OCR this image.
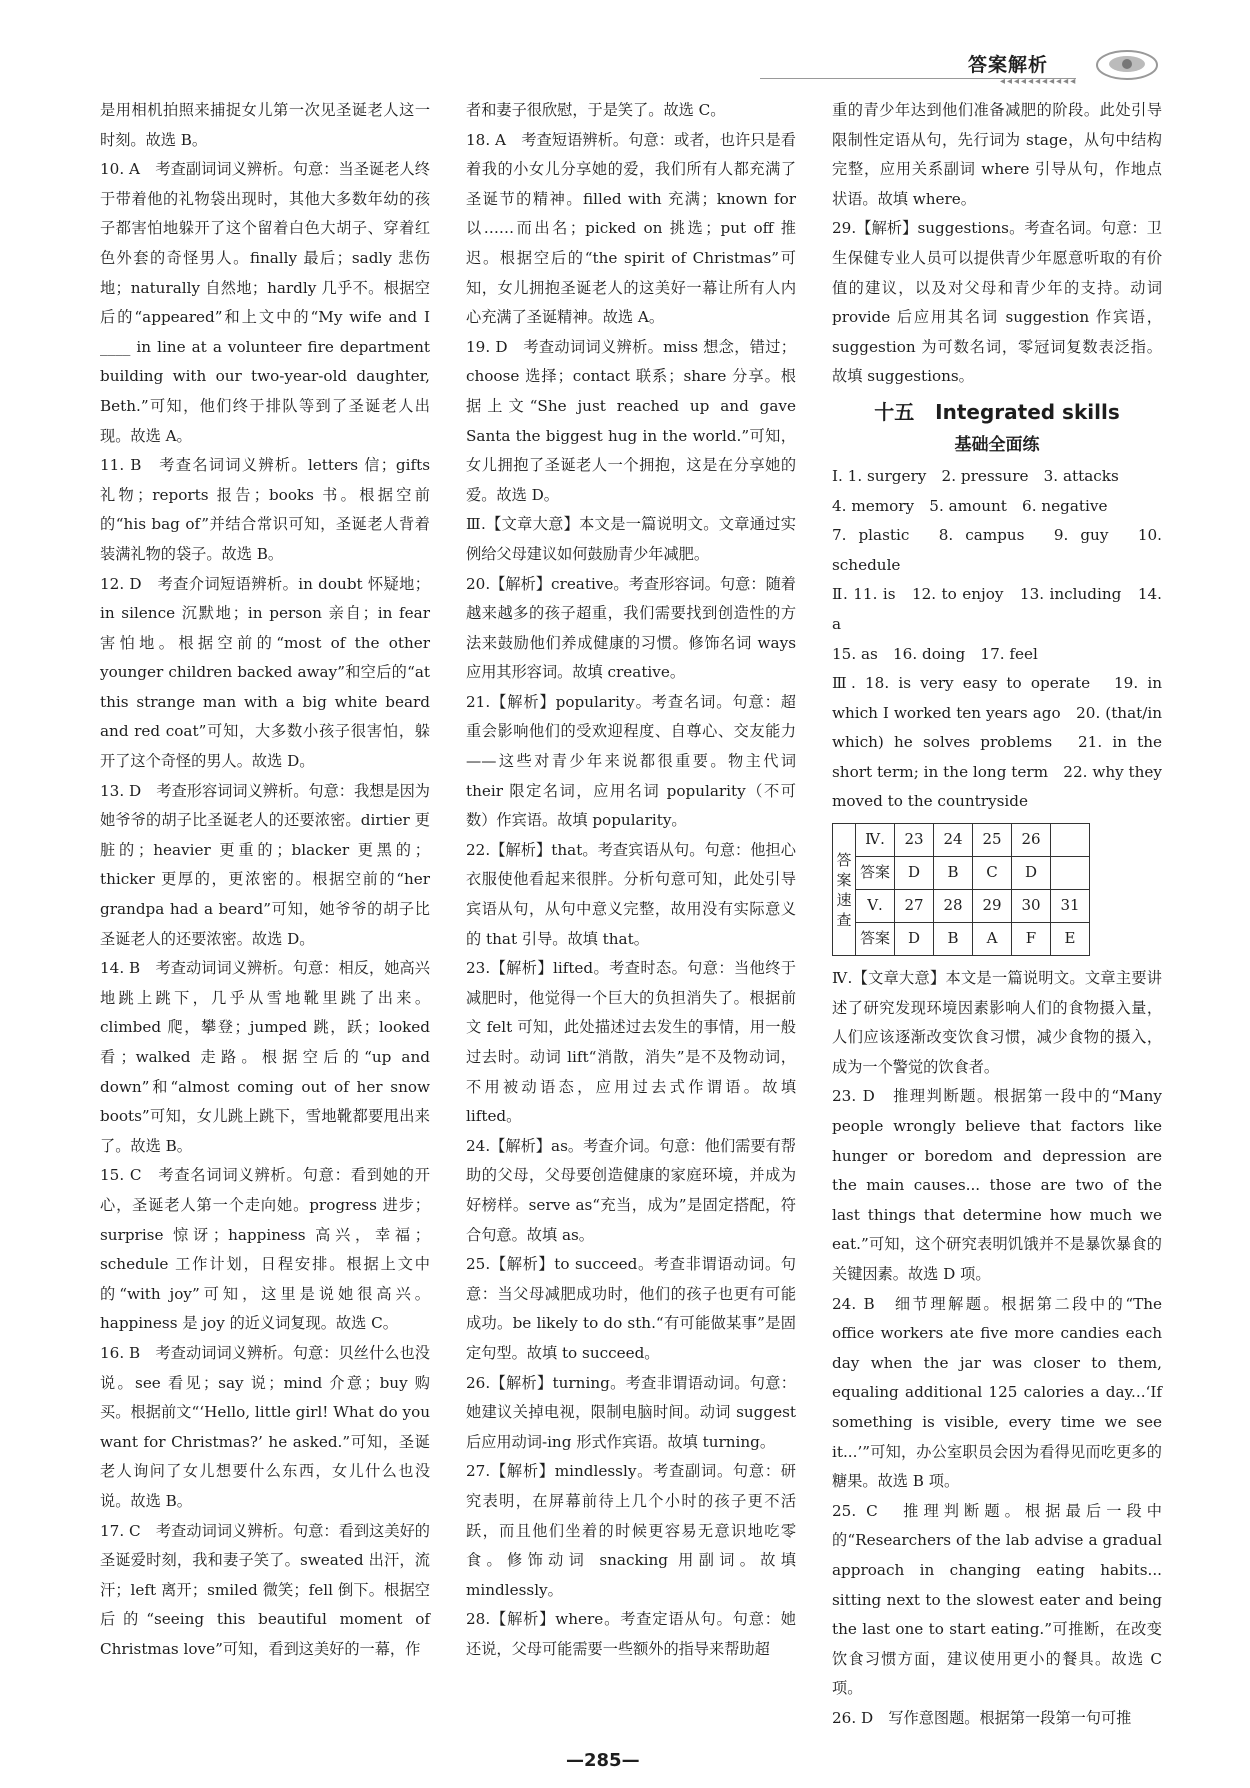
答案解析
◂◂◂◂◂◂◂◂◂◂◂

是用相机拍照来捕捉女儿第一次见圣诞老人这一时刻。故选 B。

10. A　考查副词词义辨析。句意：当圣诞老人终于带着他的礼物袋出现时，其他大多数年幼的孩子都害怕地躲开了这个留着白色大胡子、穿着红色外套的奇怪男人。finally 最后；sadly 悲伤地；naturally 自然地；hardly 几乎不。根据空后的“appeared”和上文中的“My wife and I ____ in line at a volunteer fire department building with our two-year-old daughter, Beth.”可知，他们终于排队等到了圣诞老人出现。故选 A。

11. B　考查名词词义辨析。letters 信；gifts 礼物；reports 报告；books 书。根据空前的“his bag of”并结合常识可知，圣诞老人背着装满礼物的袋子。故选 B。

12. D　考查介词短语辨析。in doubt 怀疑地；in silence 沉默地；in person 亲自；in fear 害怕地。根据空前的“most of the other younger children backed away”和空后的“at this strange man with a big white beard and red coat”可知，大多数小孩子很害怕，躲开了这个奇怪的男人。故选 D。

13. D　考查形容词词义辨析。句意：我想是因为她爷爷的胡子比圣诞老人的还要浓密。dirtier 更脏的；heavier 更重的；blacker 更黑的；thicker 更厚的，更浓密的。根据空前的“her grandpa had a beard”可知，她爷爷的胡子比圣诞老人的还要浓密。故选 D。

14. B　考查动词词义辨析。句意：相反，她高兴地跳上跳下，几乎从雪地靴里跳了出来。climbed 爬，攀登；jumped 跳，跃；looked 看；walked 走路。根据空后的“up and down”和“almost coming out of her snow boots”可知，女儿跳上跳下，雪地靴都要甩出来了。故选 B。

15. C　考查名词词义辨析。句意：看到她的开心，圣诞老人第一个走向她。progress 进步；surprise 惊讶；happiness 高兴，幸福；schedule 工作计划，日程安排。根据上文中的“with joy”可知，这里是说她很高兴。happiness 是 joy 的近义词复现。故选 C。

16. B　考查动词词义辨析。句意：贝丝什么也没说。see 看见；say 说；mind 介意；buy 购买。根据前文“‘Hello, little girl! What do you want for Christmas?’ he asked.”可知，圣诞老人询问了女儿想要什么东西，女儿什么也没说。故选 B。

17. C　考查动词词义辨析。句意：看到这美好的圣诞爱时刻，我和妻子笑了。sweated 出汗，流汗；left 离开；smiled 微笑；fell 倒下。根据空后的“seeing this beautiful moment of Christmas love”可知，看到这美好的一幕，作

者和妻子很欣慰，于是笑了。故选 C。

18. A　考查短语辨析。句意：或者，也许只是看着我的小女儿分享她的爱，我们所有人都充满了圣诞节的精神。filled with 充满；known for 以……而出名；picked on 挑选；put off 推迟。根据空后的“the spirit of Christmas”可知，女儿拥抱圣诞老人的这美好一幕让所有人内心充满了圣诞精神。故选 A。

19. D　考查动词词义辨析。miss 想念，错过；choose 选择；contact 联系；share 分享。根据上文“She just reached up and gave Santa the biggest hug in the world.”可知，女儿拥抱了圣诞老人一个拥抱，这是在分享她的爱。故选 D。

Ⅲ.【文章大意】本文是一篇说明文。文章通过实例给父母建议如何鼓励青少年减肥。

20.【解析】creative。考查形容词。句意：随着越来越多的孩子超重，我们需要找到创造性的方法来鼓励他们养成健康的习惯。修饰名词 ways 应用其形容词。故填 creative。

21.【解析】popularity。考查名词。句意：超重会影响他们的受欢迎程度、自尊心、交友能力——这些对青少年来说都很重要。物主代词 their 限定名词，应用名词 popularity（不可数）作宾语。故填 popularity。

22.【解析】that。考查宾语从句。句意：他担心衣服使他看起来很胖。分析句意可知，此处引导宾语从句，从句中意义完整，故用没有实际意义的 that 引导。故填 that。

23.【解析】lifted。考查时态。句意：当他终于减肥时，他觉得一个巨大的负担消失了。根据前文 felt 可知，此处描述过去发生的事情，用一般过去时。动词 lift“消散，消失”是不及物动词，不用被动语态，应用过去式作谓语。故填 lifted。

24.【解析】as。考查介词。句意：他们需要有帮助的父母，父母要创造健康的家庭环境，并成为好榜样。serve as“充当，成为”是固定搭配，符合句意。故填 as。

25.【解析】to succeed。考查非谓语动词。句意：当父母减肥成功时，他们的孩子也更有可能成功。be likely to do sth.“有可能做某事”是固定句型。故填 to succeed。

26.【解析】turning。考查非谓语动词。句意：她建议关掉电视，限制电脑时间。动词 suggest 后应用动词-ing 形式作宾语。故填 turning。

27.【解析】mindlessly。考查副词。句意：研究表明，在屏幕前待上几个小时的孩子更不活跃，而且他们坐着的时候更容易无意识地吃零食。修饰动词 snacking 用副词。故填 mindlessly。

28.【解析】where。考查定语从句。句意：她还说，父母可能需要一些额外的指导来帮助超

重的青少年达到他们准备减肥的阶段。此处引导限制性定语从句，先行词为 stage，从句中结构完整，应用关系副词 where 引导从句，作地点状语。故填 where。

29.【解析】suggestions。考查名词。句意：卫生保健专业人员可以提供青少年愿意听取的有价值的建议，以及对父母和青少年的支持。动词 provide 后应用其名词 suggestion 作宾语，suggestion 为可数名词，零冠词复数表泛指。故填 suggestions。

十五 Integrated skills
基础全面练

Ⅰ. 1. surgery　2. pressure　3. attacks

4. memory　5. amount　6. negative

7. plastic　8. campus　9. guy　10. schedule

Ⅱ. 11. is　12. to enjoy　13. including　14. a

15. as　16. doing　17. feel

Ⅲ. 18. is very easy to operate　19. in which I worked ten years ago　20. (that/in which) he solves problems　21. in the short term; in the long term　22. why they moved to the countryside

答案速查	Ⅳ.	23	24	25	26	
	答案	D	B	C	D	
	Ⅴ.	27	28	29	30	31
	答案	D	B	A	F	E

Ⅳ.【文章大意】本文是一篇说明文。文章主要讲述了研究发现环境因素影响人们的食物摄入量，人们应该逐渐改变饮食习惯，减少食物的摄入，成为一个警觉的饮食者。

23. D　推理判断题。根据第一段中的“Many people wrongly believe that factors like hunger or boredom and depression are the main causes... those are two of the last things that determine how much we eat.”可知，这个研究表明饥饿并不是暴饮暴食的关键因素。故选 D 项。

24. B　细节理解题。根据第二段中的“The office workers ate five more candies each day when the jar was closer to them, equaling additional 125 calories a day...‘If something is visible, every time we see it...’”可知，办公室职员会因为看得见而吃更多的糖果。故选 B 项。

25. C　推理判断题。根据最后一段中的“Researchers of the lab advise a gradual approach in changing eating habits... sitting next to the slowest eater and being the last one to start eating.”可推断，在改变饮食习惯方面，建议使用更小的餐具。故选 C 项。

26. D　写作意图题。根据第一段第一句可推

—285—
